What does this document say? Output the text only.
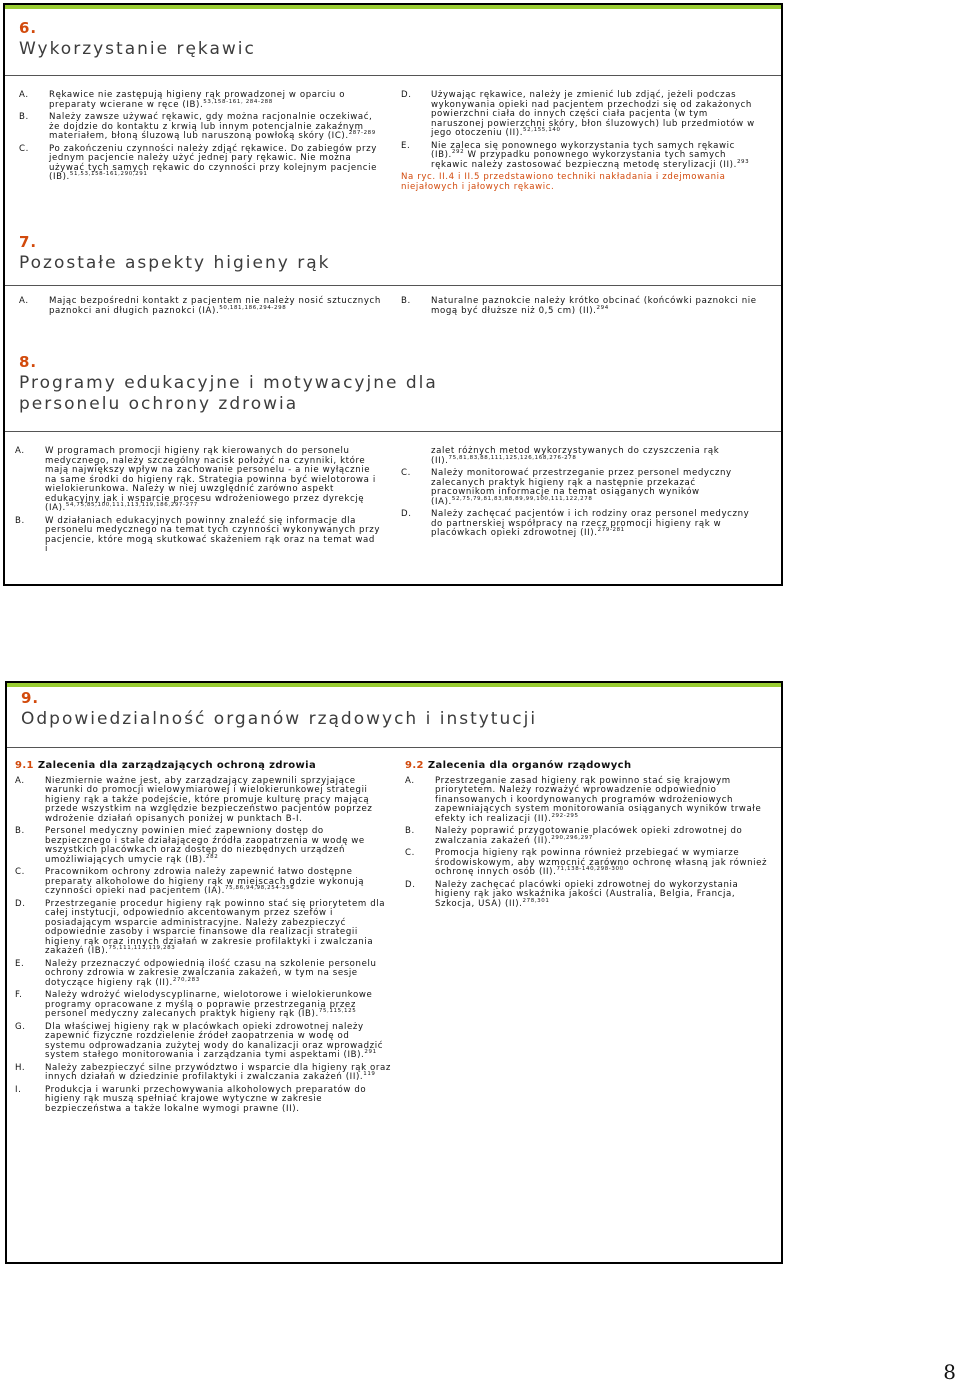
6.
Wykorzystanie rękawic
A. Rękawice nie zastępują higieny rąk prowadzonej w oparciu o preparaty wcierane w ręce (IB).$^{53,158-161, 284-288}$
B. Należy zawsze używać rękawic, gdy można racjonalnie oczekiwać, że dojdzie do kontaktu z krwią lub innym potencjalnie zakaźnym materiałem, błoną śluzową lub naruszoną powłoką skóry (IC).$^{287-289}$
C. Po zakończeniu czynności należy zdjąć rękawice. Do zabiegów przy jednym pacjencie należy użyć jednej pary rękawic. Nie można używać tych samych rękawic do czynności przy kolejnym pacjencie (IB).$^{51,53,158-161,290,291}$
D. Używając rękawice, należy je zmienić lub zdjąć, jeżeli podczas wykonywania opieki nad pacjentem przechodzi się od zakażonych powierzchni ciała do innych części ciała pacjenta (w tym naruszonej powierzchni skóry, błon śluzowych) lub przedmiotów w jego otoczeniu (II).$^{52,155,140}$
E. Nie zaleca się ponownego wykorzystania tych samych rękawic (IB).$^{292}$ W przypadku ponownego wykorzystania tych samych rękawic należy zastosować bezpieczną metodę sterylizacji (II).$^{293}$
Na ryc. II.4 i II.5 przedstawiono techniki nakładania i zdejmowania niejałowych i jałowych rękawic.
7.
Pozostałe aspekty higieny rąk
A. Mając bezpośredni kontakt z pacjentem nie należy nosić sztucznych paznokci ani długich paznokci (IA).$^{50,181,186,294-298}$
B. Naturalne paznokcie należy krótko obcinać (końcówki paznokci nie mogą być dłuższe niż 0,5 cm) (II).$^{294}$
8.
Programy edukacyjne i motywacyjne dla
personelu ochrony zdrowia
A. W programach promocji higieny rąk kierowanych do personelu medycznego, należy szczególny nacisk położyć na czynniki, które mają największy wpływ na zachowanie personelu - a nie wyłącznie na same środki do higieny rąk. Strategia powinna być wielotorowa i wielokierunkowa. Należy w niej uwzględnić zarówno aspekt edukacyjny jak i wsparcie procesu wdrożeniowego przez dyrekcję (IA).$^{54,75,85,100,111,113,119,186,297-277}$
B. W działaniach edukacyjnych powinny znaleźć się informacje dla personelu medycznego na temat tych czynności wykonywanych przy pacjencie, które mogą skutkować skażeniem rąk oraz na temat wad i
zalet różnych metod wykorzystywanych do czyszczenia rąk (II).$^{75,81,83,88,111,125,126,168,276-278}$
C. Należy monitorować przestrzeganie przez personel medyczny zalecanych praktyk higieny rąk a następnie przekazać pracownikom informacje na temat osiąganych wyników (IA).$^{52,75,79,81,83,88,89,99,100,111,122,278}$
D. Należy zachęcać pacjentów i ich rodziny oraz personel medyczny do partnerskiej współpracy na rzecz promocji higieny rąk w placówkach opieki zdrowotnej (II).$^{279-281}$
9.
Odpowiedzialność organów rządowych i instytucji
9.1 Zalecenia dla zarządzających ochroną zdrowia
A. Niezmiernie ważne jest, aby zarządzający zapewnili sprzyjające warunki do promocji wielowymiarowej i wielokierunkowej strategii higieny rąk a także podejście, które promuje kulturę pracy mającą przede wszystkim na względzie bezpieczeństwo pacjentów poprzez wdrożenie działań opisanych poniżej w punktach B-I.
B. Personel medyczny powinien mieć zapewniony dostęp do bezpiecznego i stale działającego źródła zaopatrzenia w wodę we wszystkich placówkach oraz dostęp do niezbędnych urządzeń umożliwiających umycie rąk (IB).$^{282}$
C. Pracownikom ochrony zdrowia należy zapewnić łatwo dostępne preparaty alkoholowe do higieny rąk w miejscach gdzie wykonują czynności opieki nad pacjentem (IA).$^{75,86,94,98,254-256}$
D. Przestrzeganie procedur higieny rąk powinno stać się priorytetem dla całej instytucji, odpowiednio akcentowanym przez szefów i posiadającym wsparcie administracyjne. Należy zabezpieczyć odpowiednie zasoby i wsparcie finansowe dla realizacji strategii higieny rąk oraz innych działań w zakresie profilaktyki i zwalczania zakażeń (IB).$^{75,111,113,119,283}$
E. Należy przeznaczyć odpowiednią ilość czasu na szkolenie personelu ochrony zdrowia w zakresie zwalczania zakażeń, w tym na sesje dotyczące higieny rąk (II).$^{270,283}$
F.	Należy wdrożyć wielodyscyplinarne, wielotorowe i wielokierunkowe programy opracowane z myślą o poprawie przestrzegania przez personel medyczny zalecanych praktyk higieny rąk (IB).$^{75,115,125}$
G. Dla właściwej higieny rąk w placówkach opieki zdrowotnej należy zapewnić fizyczne rozdzielenie źródeł zaopatrzenia w wodę od systemu odprowadzania zużytej wody do kanalizacji oraz wprowadzić system stałego monitorowania i zarządzania tymi aspektami (IB).$^{291}$
H. Należy zabezpieczyć silne przywództwo i wsparcie dla higieny rąk oraz innych działań w dziedzinie profilaktyki i zwalczania zakażeń (II).$^{119}$
I.	Produkcja i warunki przechowywania alkoholowych preparatów do higieny rąk muszą spełniać krajowe wytyczne w zakresie bezpieczeństwa a także lokalne wymogi prawne (II).
9.2 Zalecenia dla organów rządowych
A. Przestrzeganie zasad higieny rąk powinno stać się krajowym priorytetem. Należy rozważyć wprowadzenie odpowiednio finansowanych i koordynowanych programów wdrożeniowych zapewniających system monitorowania osiąganych wyników trwałe efekty ich realizacji (II).$^{292-295}$
B. Należy poprawić przygotowanie placówek opieki zdrowotnej do zwalczania zakażeń (II).$^{290,296,297}$
C. Promocja higieny rąk powinna również przebiegać w wymiarze środowiskowym, aby wzmocnić zarówno ochronę własną jak również ochronę innych osób (II).$^{71,138-140,298-300}$
D. Należy zachęcać placówki opieki zdrowotnej do wykorzystania higieny rąk jako wskaźnika jakości (Australia, Belgia, Francja, Szkocja, USA) (II).$^{278,301}$
8
